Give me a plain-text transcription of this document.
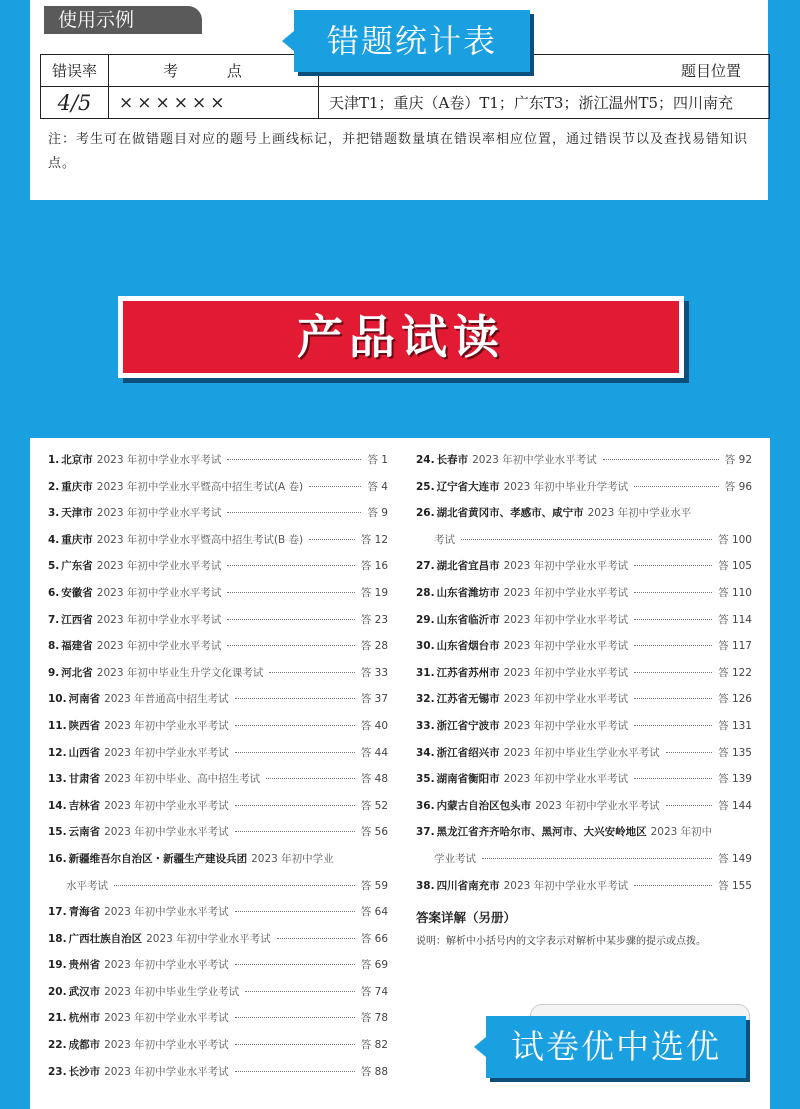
使用示例
错误率	考 点	题目位置
4/5	××××××	天津T1；重庆（A卷）T1；广东T3；浙江温州T5；四川南充
注：考生可在做错题目对应的题号上画线标记，并把错题数量填在错误率相应位置，通过错误节以及查找易错知识点。
错题统计表
产品试读
1. 北京市 2023 年初中学业水平考试	答 1
2. 重庆市 2023 年初中学业水平暨高中招生考试(A 卷)	答 4
3. 天津市 2023 年初中学业水平考试	答 9
4. 重庆市 2023 年初中学业水平暨高中招生考试(B 卷)	答 12
5. 广东省 2023 年初中学业水平考试	答 16
6. 安徽省 2023 年初中学业水平考试	答 19
7. 江西省 2023 年初中学业水平考试	答 23
8. 福建省 2023 年初中学业水平考试	答 28
9. 河北省 2023 年初中毕业生升学文化课考试	答 33
10. 河南省 2023 年普通高中招生考试	答 37
11. 陕西省 2023 年初中学业水平考试	答 40
12. 山西省 2023 年初中学业水平考试	答 44
13. 甘肃省 2023 年初中毕业、高中招生考试	答 48
14. 吉林省 2023 年初中学业水平考试	答 52
15. 云南省 2023 年初中学业水平考试	答 56
16. 新疆维吾尔自治区・新疆生产建设兵团 2023 年初中学业
水平考试	答 59
17. 青海省 2023 年初中学业水平考试	答 64
18. 广西壮族自治区 2023 年初中学业水平考试	答 66
19. 贵州省 2023 年初中学业水平考试	答 69
20. 武汉市 2023 年初中毕业生学业考试	答 74
21. 杭州市 2023 年初中学业水平考试	答 78
22. 成都市 2023 年初中学业水平考试	答 82
23. 长沙市 2023 年初中学业水平考试	答 88
24. 长春市 2023 年初中学业水平考试	答 92
25. 辽宁省大连市 2023 年初中毕业升学考试	答 96
26. 湖北省黄冈市、孝感市、咸宁市 2023 年初中学业水平
考试	答 100
27. 湖北省宜昌市 2023 年初中学业水平考试	答 105
28. 山东省潍坊市 2023 年初中学业水平考试	答 110
29. 山东省临沂市 2023 年初中学业水平考试	答 114
30. 山东省烟台市 2023 年初中学业水平考试	答 117
31. 江苏省苏州市 2023 年初中学业水平考试	答 122
32. 江苏省无锡市 2023 年初中学业水平考试	答 126
33. 浙江省宁波市 2023 年初中学业水平考试	答 131
34. 浙江省绍兴市 2023 年初中毕业生学业水平考试	答 135
35. 湖南省衡阳市 2023 年初中学业水平考试	答 139
36. 内蒙古自治区包头市 2023 年初中学业水平考试	答 144
37. 黑龙江省齐齐哈尔市、黑河市、大兴安岭地区 2023 年初中
学业考试	答 149
38. 四川省南充市 2023 年初中学业水平考试	答 155
答案详解（另册）
说明：解析中小括号内的文字表示对解析中某步骤的提示或点拨。
试卷优中选优
